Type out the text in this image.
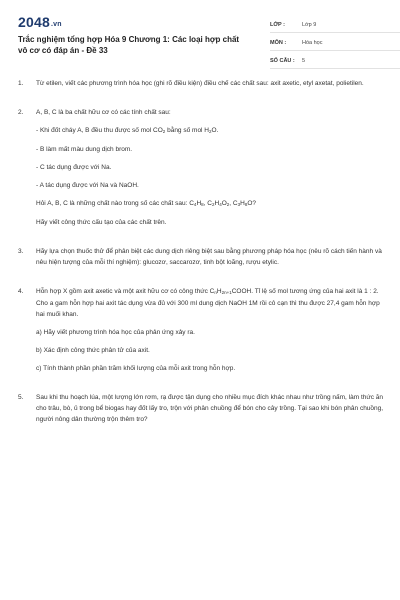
2048.vn
Trắc nghiệm tổng hợp Hóa 9 Chương 1: Các loại hợp chất vô cơ có đáp án - Đề 33
LỚP :	Lớp 9
MÔN :	Hóa học
SỐ CÂU :	5
1. Từ etilen, viết các phương trình hóa học (ghi rõ điều kiện) điều chế các chất sau: axit axetic, etyl axetat, polietilen.

2. A, B, C là ba chất hữu cơ có các tính chất sau:

- Khi đốt cháy A, B đều thu được số mol CO2 bằng số mol H2O.

- B làm mất màu dung dịch brom.

- C tác dụng được với Na.

- A tác dụng được với Na và NaOH.

Hỏi A, B, C là những chất nào trong số các chất sau: C4H8, C2H4O2, C3H8O?

Hãy viết công thức cấu tạo của các chất trên.

3. Hãy lựa chọn thuốc thử để phân biệt các dung dịch riêng biệt sau bằng phương pháp hóa học (nêu rõ cách tiến hành và nêu hiện tượng của mỗi thí nghiệm): glucozơ, saccarozơ, tinh bột loãng, rượu etylic.

4. Hỗn hợp X gồm axit axetic và một axit hữu cơ có công thức CnH2n+1COOH. Tỉ lệ số mol tương ứng của hai axit là 1 : 2. Cho a gam hỗn hợp hai axit tác dụng vừa đủ với 300 ml dung dịch NaOH 1M rồi cô cạn thì thu được 27,4 gam hỗn hợp hai muối khan.

a) Hãy viết phương trình hóa học của phản ứng xảy ra.

b) Xác định công thức phân tử của axit.

c) Tính thành phần phần trăm khối lượng của mỗi axit trong hỗn hợp.

5. Sau khi thu hoạch lúa, một lượng lớn rơm, rạ được tận dụng cho nhiều mục đích khác nhau như trồng nấm, làm thức ăn cho trâu, bò, ủ trong bể biogas hay đốt lấy tro, trộn với phân chuồng để bón cho cây trồng. Tại sao khi bón phân chuồng, người nông dân thường trộn thêm tro?
